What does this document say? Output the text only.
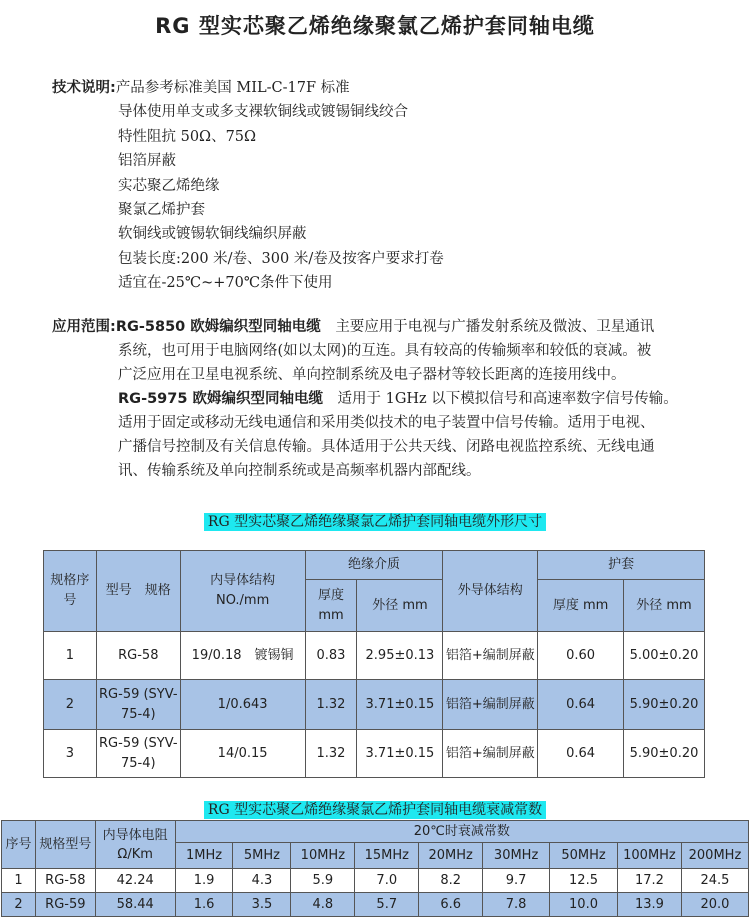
RG 型实芯聚乙烯绝缘聚氯乙烯护套同轴电缆
技术说明:产品参考标准美国 MIL-C-17F 标准
导体使用单支或多支裸软铜线或镀锡铜线绞合
特性阻抗 50Ω、75Ω
铝箔屏蔽
实芯聚乙烯绝缘
聚氯乙烯护套
软铜线或镀锡软铜线编织屏蔽
包装长度:200 米/卷、300 米/卷及按客户要求打卷
适宜在-25℃~+70℃条件下使用

应用范围:RG-5850 欧姆编织型同轴电缆　 主要应用于电视与广播发射系统及微波、卫星通讯

系统，也可用于电脑网络(如以太网)的互连。具有较高的传输频率和较低的衰减。被

广泛应用在卫星电视系统、单向控制系统及电子器材等较长距离的连接用线中。

RG-5975 欧姆编织型同轴电缆　 适用于 1GHz 以下模拟信号和高速率数字信号传输。

适用于固定或移动无线电通信和采用类似技术的电子装置中信号传输。适用于电视、

广播信号控制及有关信息传输。具体适用于公共天线、闭路电视监控系统、无线电通

讯、传输系统及单向控制系统或是高频率机器内部配线。

RG 型实芯聚乙烯绝缘聚氯乙烯护套同轴电缆外形尺寸
规格序号	型号　规格	内导体结构 NO./mm	绝缘介质		外导体结构	护套	
			厚度 mm	外径 mm		厚度 mm	外径 mm
1	RG-58	19/0.18　镀锡铜	0.83	2.95±0.13	铝箔+编制屏蔽	0.60	5.00±0.20
2	RG-59 (SYV-75-4)	1/0.643	1.32	3.71±0.15	铝箔+编制屏蔽	0.64	5.90±0.20
3	RG-59 (SYV-75-4)	14/0.15	1.32	3.71±0.15	铝箔+编制屏蔽	0.64	5.90±0.20
RG 型实芯聚乙烯绝缘聚氯乙烯护套同轴电缆衰减常数
序号	规格型号	内导体电阻Ω/Km	20℃时衰减常数								
			1MHz	5MHz	10MHz	15MHz	20MHz	30MHz	50MHz	100MHz	200MHz
1	RG-58	42.24	1.9	4.3	5.9	7.0	8.2	9.7	12.5	17.2	24.5
2	RG-59	58.44	1.6	3.5	4.8	5.7	6.6	7.8	10.0	13.9	20.0
